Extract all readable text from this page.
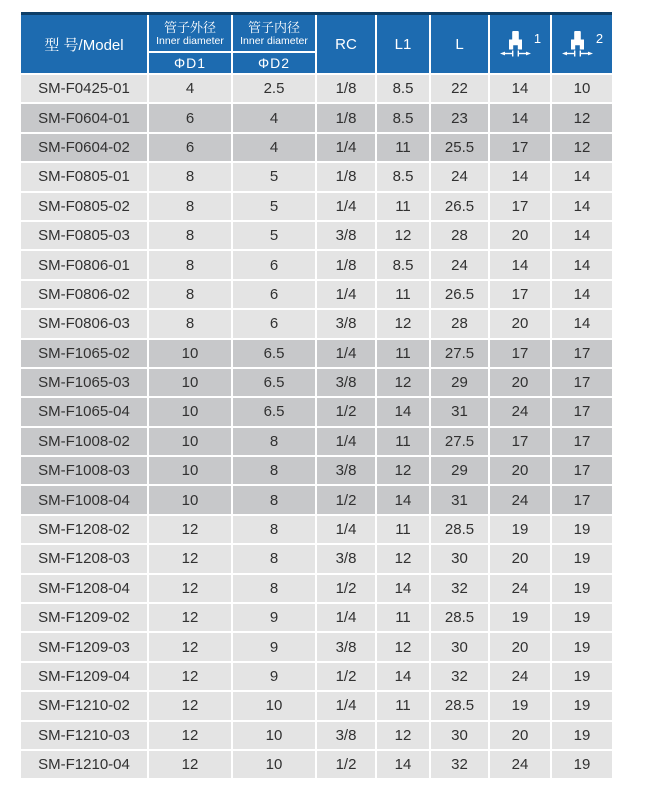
型 号/Model
管子外径
Inner diameter
管子内径
Inner diameter
ΦD1	ΦD2
RC	L1	L	1	2
SM-F0425-01	4	2.5	1/8	8.5	22	14	10
SM-F0604-01	6	4	1/8	8.5	23	14	12
SM-F0604-02	6	4	1/4	11	25.5	17	12
SM-F0805-01	8	5	1/8	8.5	24	14	14
SM-F0805-02	8	5	1/4	11	26.5	17	14
SM-F0805-03	8	5	3/8	12	28	20	14
SM-F0806-01	8	6	1/8	8.5	24	14	14
SM-F0806-02	8	6	1/4	11	26.5	17	14
SM-F0806-03	8	6	3/8	12	28	20	14
SM-F1065-02	10	6.5	1/4	11	27.5	17	17
SM-F1065-03	10	6.5	3/8	12	29	20	17
SM-F1065-04	10	6.5	1/2	14	31	24	17
SM-F1008-02	10	8	1/4	11	27.5	17	17
SM-F1008-03	10	8	3/8	12	29	20	17
SM-F1008-04	10	8	1/2	14	31	24	17
SM-F1208-02	12	8	1/4	11	28.5	19	19
SM-F1208-03	12	8	3/8	12	30	20	19
SM-F1208-04	12	8	1/2	14	32	24	19
SM-F1209-02	12	9	1/4	11	28.5	19	19
SM-F1209-03	12	9	3/8	12	30	20	19
SM-F1209-04	12	9	1/2	14	32	24	19
SM-F1210-02	12	10	1/4	11	28.5	19	19
SM-F1210-03	12	10	3/8	12	30	20	19
SM-F1210-04	12	10	1/2	14	32	24	19
